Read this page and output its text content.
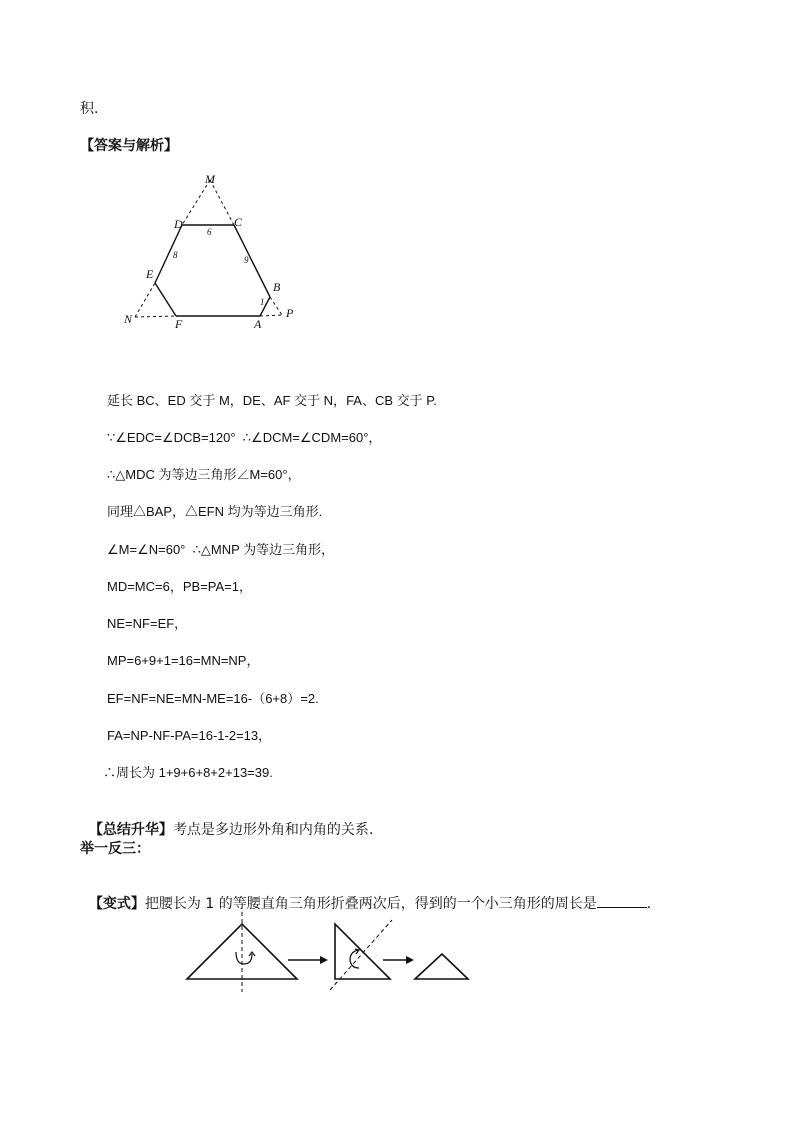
积.
【答案与解析】
M
D	C
E
B
N	F	A
P
6
8	9
1
延长 BC、ED 交于 M，DE、AF 交于 N，FA、CB 交于 P.
∵∠EDC=∠DCB=120°  ∴∠DCM=∠CDM=60°，
∴△MDC 为等边三角形∠M=60°，
同理△BAP，△EFN 均为等边三角形.
∠M=∠N=60°  ∴△MNP 为等边三角形，
MD=MC=6，PB=PA=1，
NE=NF=EF，
MP=6+9+1=16=MN=NP，
EF=NF=NE=MN-ME=16-（6+8）=2.
FA=NP-NF-PA=16-1-2=13，
∴周长为 1+9+6+8+2+13=39.

【总结升华】考点是多边形外角和内角的关系.

举一反三：

【变式】把腰长为 1 的等腰直角三角形折叠两次后，得到的一个小三角形的周长是	.
